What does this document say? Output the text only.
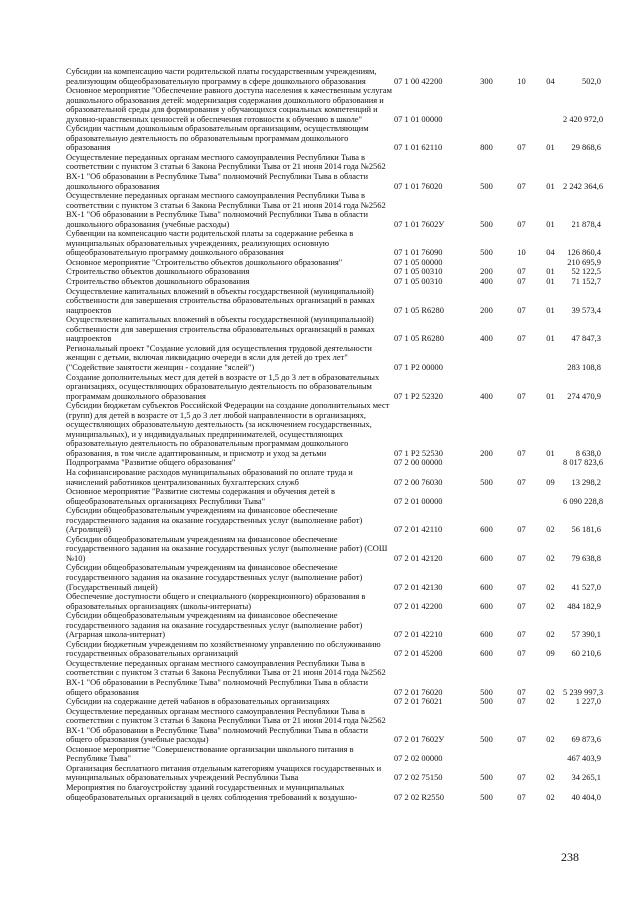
Субсидии на компенсацию части родительской платы государственным учреждениям, реализующим общеобразовательную программу в сфере дошкольного образования	07 1 00 42200	300	10	04	502,0
Основное мероприятие "Обеспечение равного доступа населения к качественным услугам дошкольного образования детей: модернизация содержания дошкольного образования и образовательной среды для формирования у обучающихся социальных компетенций и духовно-нравственных ценностей и обеспечения готовности к обучению в школе"	07 1 01 00000				2 420 972,0
Субсидии частным дошкольным образовательным организациям, осуществляющим образовательную деятельность по образовательным программам дошкольного образования	07 1 01 62110	800	07	01	29 868,6
Осуществление переданных органам местного самоуправления Республики Тыва в соответствии с пунктом 3 статьи 6 Закона Республики Тыва от 21 июня 2014 года №2562 ВХ-1 "Об образовании в Республике Тыва" полномочий Республики Тыва в области дошкольного образования	07 1 01 76020	500	07	01	2 242 364,6
Осуществление переданных органам местного самоуправления Республики Тыва в соответствии с пунктом 3 статьи 6 Закона Республики Тыва от 21 июня 2014 года №2562 ВХ-1 "Об образовании в Республике Тыва" полномочий Республики Тыва в области дошкольного образования (учебные расходы)	07 1 01 7602У	500	07	01	21 878,4
Субвенции на компенсацию части родительской платы за содержание ребенка в муниципальных образовательных учреждениях, реализующих основную общеобразовательную программу дошкольного образования	07 1 01 76090	500	10	04	126 860,4
Основное мероприятие "Строительство объектов дошкольного образования"	07 1 05 00000				210 695,9
Строительство объектов дошкольного образования	07 1 05 00310	200	07	01	52 122,5
Строительство объектов дошкольного образования	07 1 05 00310	400	07	01	71 152,7
Осуществление капитальных вложений в объекты государственной (муниципальной) собственности для завершения строительства образовательных организаций в рамках нацпроектов	07 1 05 R6280	200	07	01	39 573,4
Осуществление капитальных вложений в объекты государственной (муниципальной) собственности для завершения строительства образовательных организаций в рамках нацпроектов	07 1 05 R6280	400	07	01	47 847,3
Региональный проект "Создание условий для осуществления трудовой деятельности женщин с детьми, включая ликвидацию очереди в ясли для детей до трех лет" ("Содействие занятости женщин - создание "яслей")	07 1 P2 00000				283 108,8
Создание дополнительных мест для детей в возрасте от 1,5 до 3 лет в образовательных организациях, осуществляющих образовательную деятельность по образовательным программам дошкольного образования	07 1 P2 52320	400	07	01	274 470,9
Субсидии бюджетам субъектов Российской Федерации на создание дополнительных мест (групп) для детей в возрасте от 1,5 до 3 лет любой направленности в организациях, осуществляющих образовательную деятельность (за исключением государственных, муниципальных), и у индивидуальных предпринимателей, осуществляющих образовательную деятельность по образовательным программам дошкольного образования, в том числе адаптированным, и присмотр и уход за детьми	07 1 P2 52530	200	07	01	8 638,0
Подпрограмма "Развитие общего образования"	07 2 00 00000				8 017 823,6
На софинансирование расходов муниципальных образований по оплате труда и начислений работников централизованных бухгалтерских служб	07 2 00 76030	500	07	09	13 298,2
Основное мероприятие "Развитие системы содержания и обучения детей в общеобразовательных организациях Республики Тыва"	07 2 01 00000				6 090 228,8
Субсидии общеобразовательным учреждениям на финансовое обеспечение государственного задания на оказание государственных услуг (выполнение работ) (Агролицей)	07 2 01 42110	600	07	02	56 181,6
Субсидии общеобразовательным учреждениям на финансовое обеспечение государственного задания на оказание государственных услуг (выполнение работ) (СОШ №10)	07 2 01 42120	600	07	02	79 638,8
Субсидии общеобразовательным учреждениям на финансовое обеспечение государственного задания на оказание государственных услуг (выполнение работ) (Государственный лицей)	07 2 01 42130	600	07	02	41 527,0
Обеспечение доступности общего и специального (коррекционного) образования в образовательных организациях (школы-интернаты)	07 2 01 42200	600	07	02	484 182,9
Субсидии общеобразовательным учреждениям на финансовое обеспечение государственного задания на оказание государственных услуг (выполнение работ) (Аграрная школа-интернат)	07 2 01 42210	600	07	02	57 390,1
Субсидии бюджетным учреждениям по хозяйственному управлению по обслуживанию государственных образовательных организаций	07 2 01 45200	600	07	09	60 210,6
Осуществление переданных органам местного самоуправления Республики Тыва в соответствии с пунктом 3 статьи 6 Закона Республики Тыва от 21 июня 2014 года №2562 ВХ-1 "Об образовании в Республике Тыва" полномочий Республики Тыва в области общего образования	07 2 01 76020	500	07	02	5 239 997,3
Субсидии на содержание детей чабанов в образовательных организациях	07 2 01 76021	500	07	02	1 227,0
Осуществление переданных органам местного самоуправления Республики Тыва в соответствии с пунктом 3 статьи 6 Закона Республики Тыва от 21 июня 2014 года №2562 ВХ-1 "Об образовании в Республике Тыва" полномочий Республики Тыва в области общего образования (учебные расходы)	07 2 01 7602У	500	07	02	69 873,6
Основное мероприятие "Совершенствование организации школьного питания в Республике Тыва"	07 2 02 00000				467 403,9
Организация бесплатного питания отдельным категориям учащихся государственных и муниципальных образовательных учреждений Республики Тыва	07 2 02 75150	500	07	02	34 265,1
Мероприятия по благоустройству зданий государственных и муниципальных общеобразовательных организаций в целях соблюдения требований к воздушно-	07 2 02 R2550	500	07	02	40 404,0
238
